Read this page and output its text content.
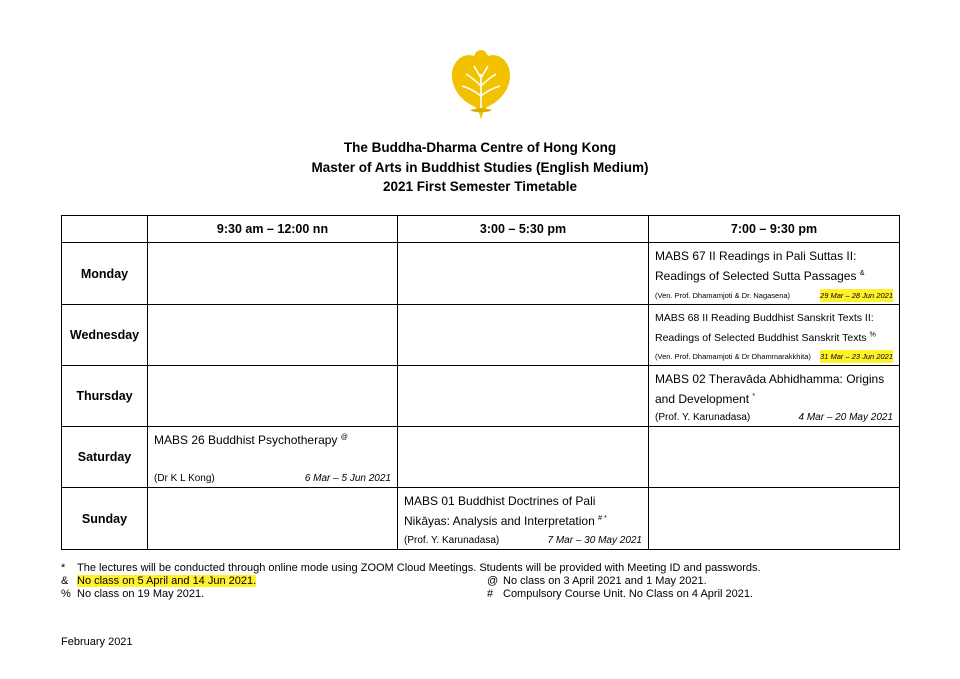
The Buddha-Dharma Centre of Hong Kong
Master of Arts in Buddhist Studies (English Medium)
2021 First Semester Timetable
	9:30 am – 12:00 nn	3:00 – 5:30 pm	7:00 – 9:30 pm
Monday			MABS 67 II Readings in Pali Suttas II:
Readings of Selected Sutta Passages &
(Ven. Prof. Dhamamjoti & Dr. Nagasena) 29 Mar – 28 Jun 2021

Wednesday			MABS 68 II Reading Buddhist Sanskrit Texts II:
Readings of Selected Buddhist Sanskrit Texts %
(Ven. Prof. Dhamamjoti & Dr Dhammarakkhita) 31 Mar – 23 Jun 2021

Thursday			MABS 02 Theravāda Abhidhamma: Origins
and Development *
(Prof. Y. Karunadasa) 4 Mar – 20 May 2021

Saturday	MABS 26 Buddhist Psychotherapy @
(Dr K L Kong) 6 Mar – 5 Jun 2021		

Sunday		MABS 01 Buddhist Doctrines of Pali
Nikāyas: Analysis and Interpretation # *
(Prof. Y. Karunadasa) 7 Mar – 30 May 2021	

* The lectures will be conducted through online mode using ZOOM Cloud Meetings. Students will be provided with Meeting ID and passwords.
& No class on 5 April and 14 Jun 2021.	@ No class on 3 April 2021 and 1 May 2021.
% No class on 19 May 2021.	# Compulsory Course Unit. No Class on 4 April 2021.
February 2021
